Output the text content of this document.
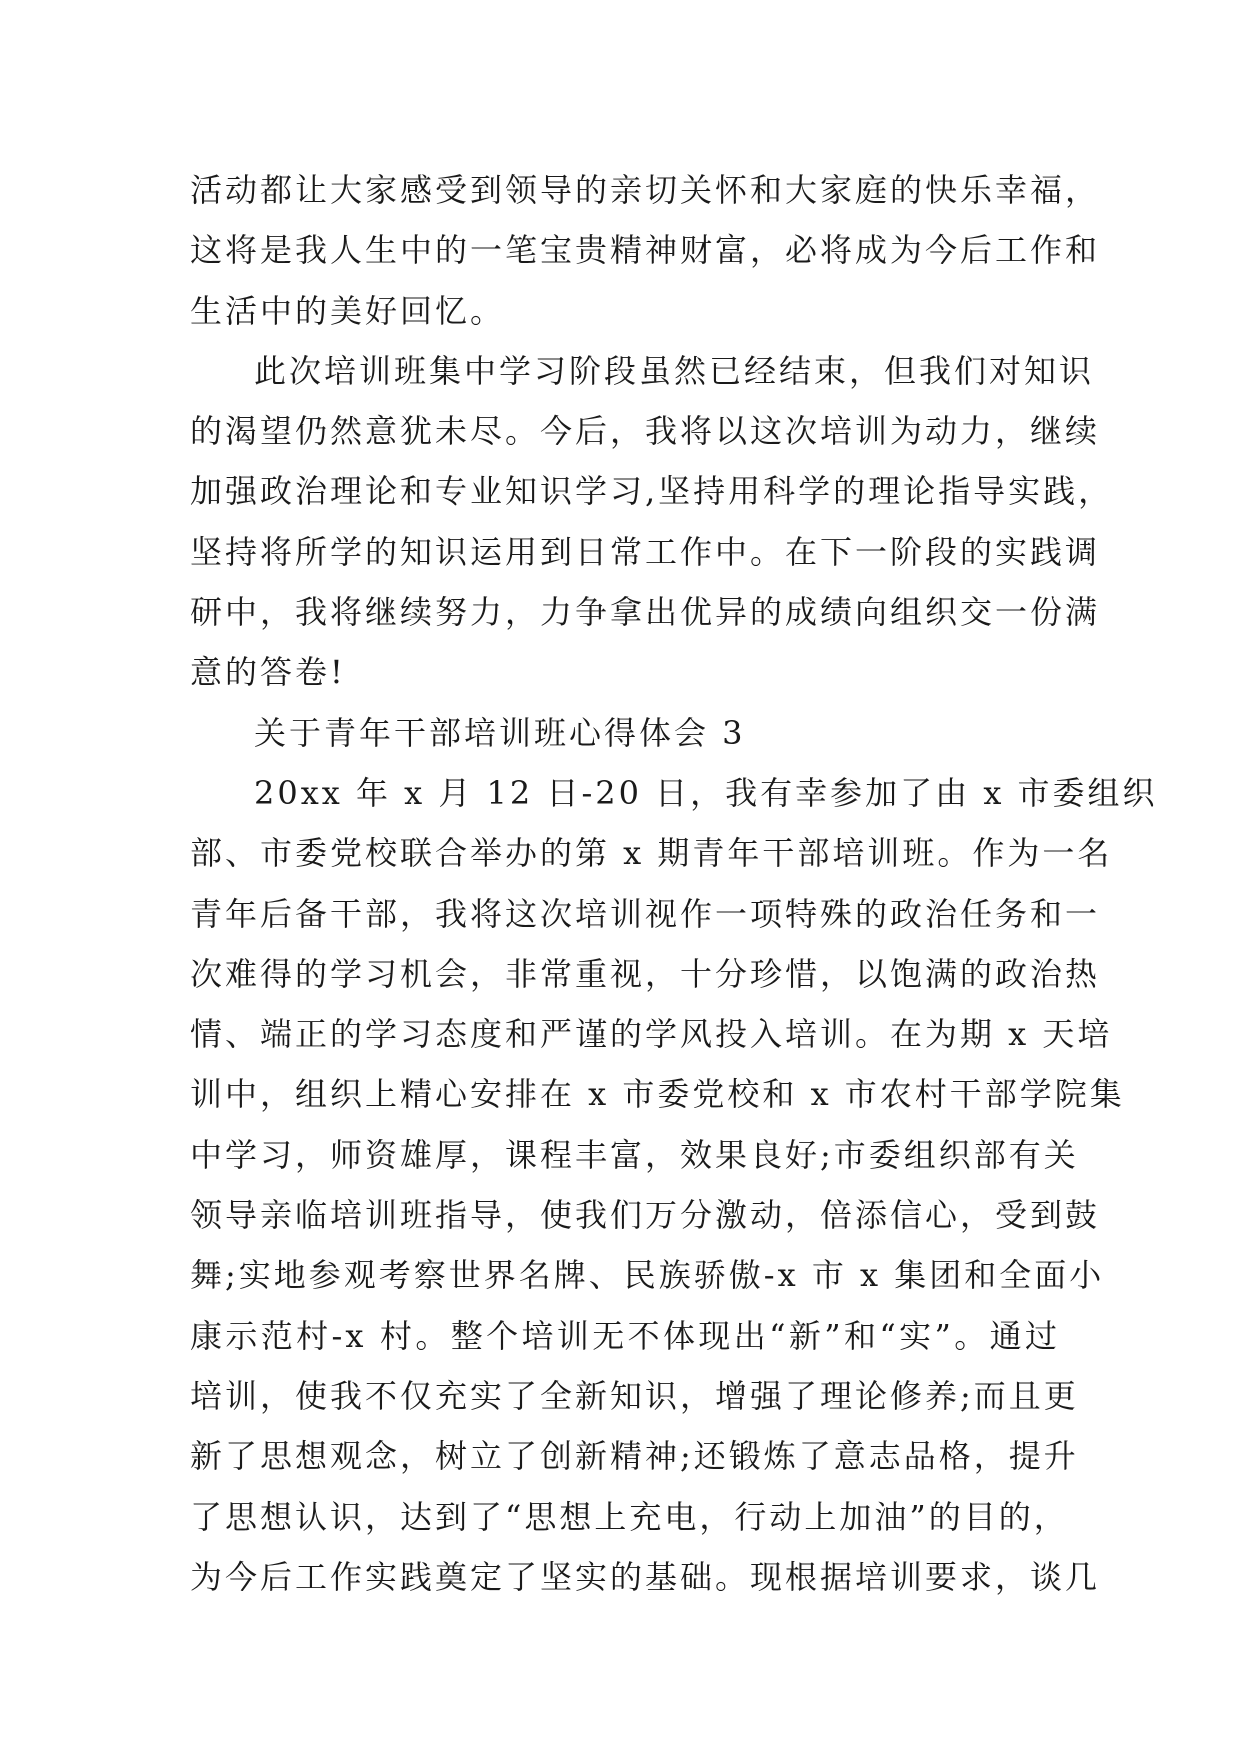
活动都让大家感受到领导的亲切关怀和大家庭的快乐幸福，
这将是我人生中的一笔宝贵精神财富，必将成为今后工作和
生活中的美好回忆。
此次培训班集中学习阶段虽然已经结束，但我们对知识
的渴望仍然意犹未尽。今后，我将以这次培训为动力，继续
加强政治理论和专业知识学习,坚持用科学的理论指导实践，
坚持将所学的知识运用到日常工作中。在下一阶段的实践调
研中，我将继续努力，力争拿出优异的成绩向组织交一份满
意的答卷!
关于青年干部培训班心得体会 3
20xx 年 x 月 12 日-20 日，我有幸参加了由 x 市委组织
部、市委党校联合举办的第 x 期青年干部培训班。作为一名
青年后备干部，我将这次培训视作一项特殊的政治任务和一
次难得的学习机会，非常重视，十分珍惜，以饱满的政治热
情、端正的学习态度和严谨的学风投入培训。在为期 x 天培
训中，组织上精心安排在 x 市委党校和 x 市农村干部学院集
中学习，师资雄厚，课程丰富，效果良好;市委组织部有关
领导亲临培训班指导，使我们万分激动，倍添信心，受到鼓
舞;实地参观考察世界名牌、民族骄傲-x 市 x 集团和全面小
康示范村-x 村。整个培训无不体现出“新”和“实”。通过
培训，使我不仅充实了全新知识，增强了理论修养;而且更
新了思想观念，树立了创新精神;还锻炼了意志品格，提升
了思想认识，达到了“思想上充电，行动上加油”的目的，
为今后工作实践奠定了坚实的基础。现根据培训要求，谈几
